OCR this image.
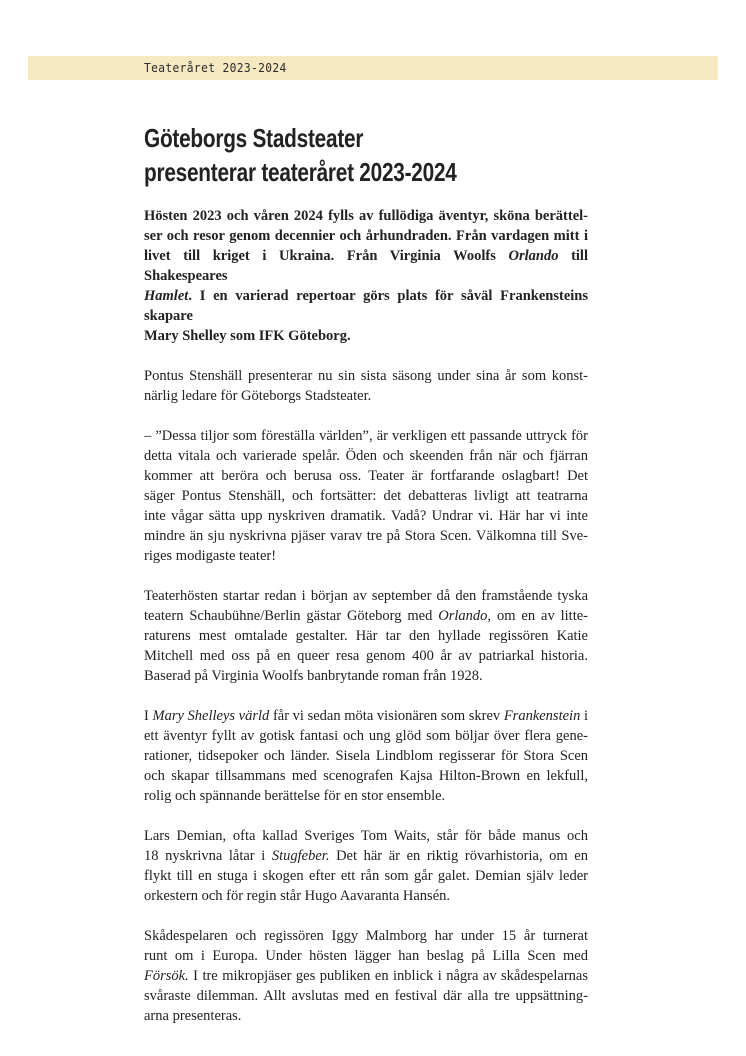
Teateråret 2023-2024
Göteborgs Stadsteater
presenterar teateråret 2023-2024

Hösten 2023 och våren 2024 fylls av fullödiga äventyr, sköna berättel-
ser och resor genom decennier och århundraden. Från vardagen mitt i
livet till kriget i Ukraina. Från Virginia Woolfs Orlando till Shakespeares
Hamlet. I en varierad repertoar görs plats för såväl Frankensteins skapare
Mary Shelley som IFK Göteborg.

Pontus Stenshäll presenterar nu sin sista säsong under sina år som konst-
närlig ledare för Göteborgs Stadsteater.

– ”Dessa tiljor som föreställa världen”, är verkligen ett passande uttryck för
detta vitala och varierade spelår. Öden och skeenden från när och fjärran
kommer att beröra och berusa oss. Teater är fortfarande oslagbart! Det
säger Pontus Stenshäll, och fortsätter: det debatteras livligt att teatrarna
inte vågar sätta upp nyskriven dramatik. Vadå? Undrar vi. Här har vi inte
mindre än sju nyskrivna pjäser varav tre på Stora Scen. Välkomna till Sve-
riges modigaste teater!

Teaterhösten startar redan i början av september då den framstående tyska
teatern Schaubühne/Berlin gästar Göteborg med Orlando, om en av litte-
raturens mest omtalade gestalter. Här tar den hyllade regissören Katie
Mitchell med oss på en queer resa genom 400 år av patriarkal historia.
Baserad på Virginia Woolfs banbrytande roman från 1928.

I Mary Shelleys värld får vi sedan möta visionären som skrev Frankenstein i
ett äventyr fyllt av gotisk fantasi och ung glöd som böljar över flera gene-
rationer, tidsepoker och länder. Sisela Lindblom regisserar för Stora Scen
och skapar tillsammans med scenografen Kajsa Hilton-Brown en lekfull,
rolig och spännande berättelse för en stor ensemble.

Lars Demian, ofta kallad Sveriges Tom Waits, står för både manus och
18 nyskrivna låtar i Stugfeber. Det här är en riktig rövarhistoria, om en
flykt till en stuga i skogen efter ett rån som går galet. Demian själv leder
orkestern och för regin står Hugo Aavaranta Hansén.

Skådespelaren och regissören Iggy Malmborg har under 15 år turnerat
runt om i Europa. Under hösten lägger han beslag på Lilla Scen med
Försök. I tre mikropjäser ges publiken en inblick i några av skådespelarnas
svåraste dilemman. Allt avslutas med en festival där alla tre uppsättning-
arna presenteras.
